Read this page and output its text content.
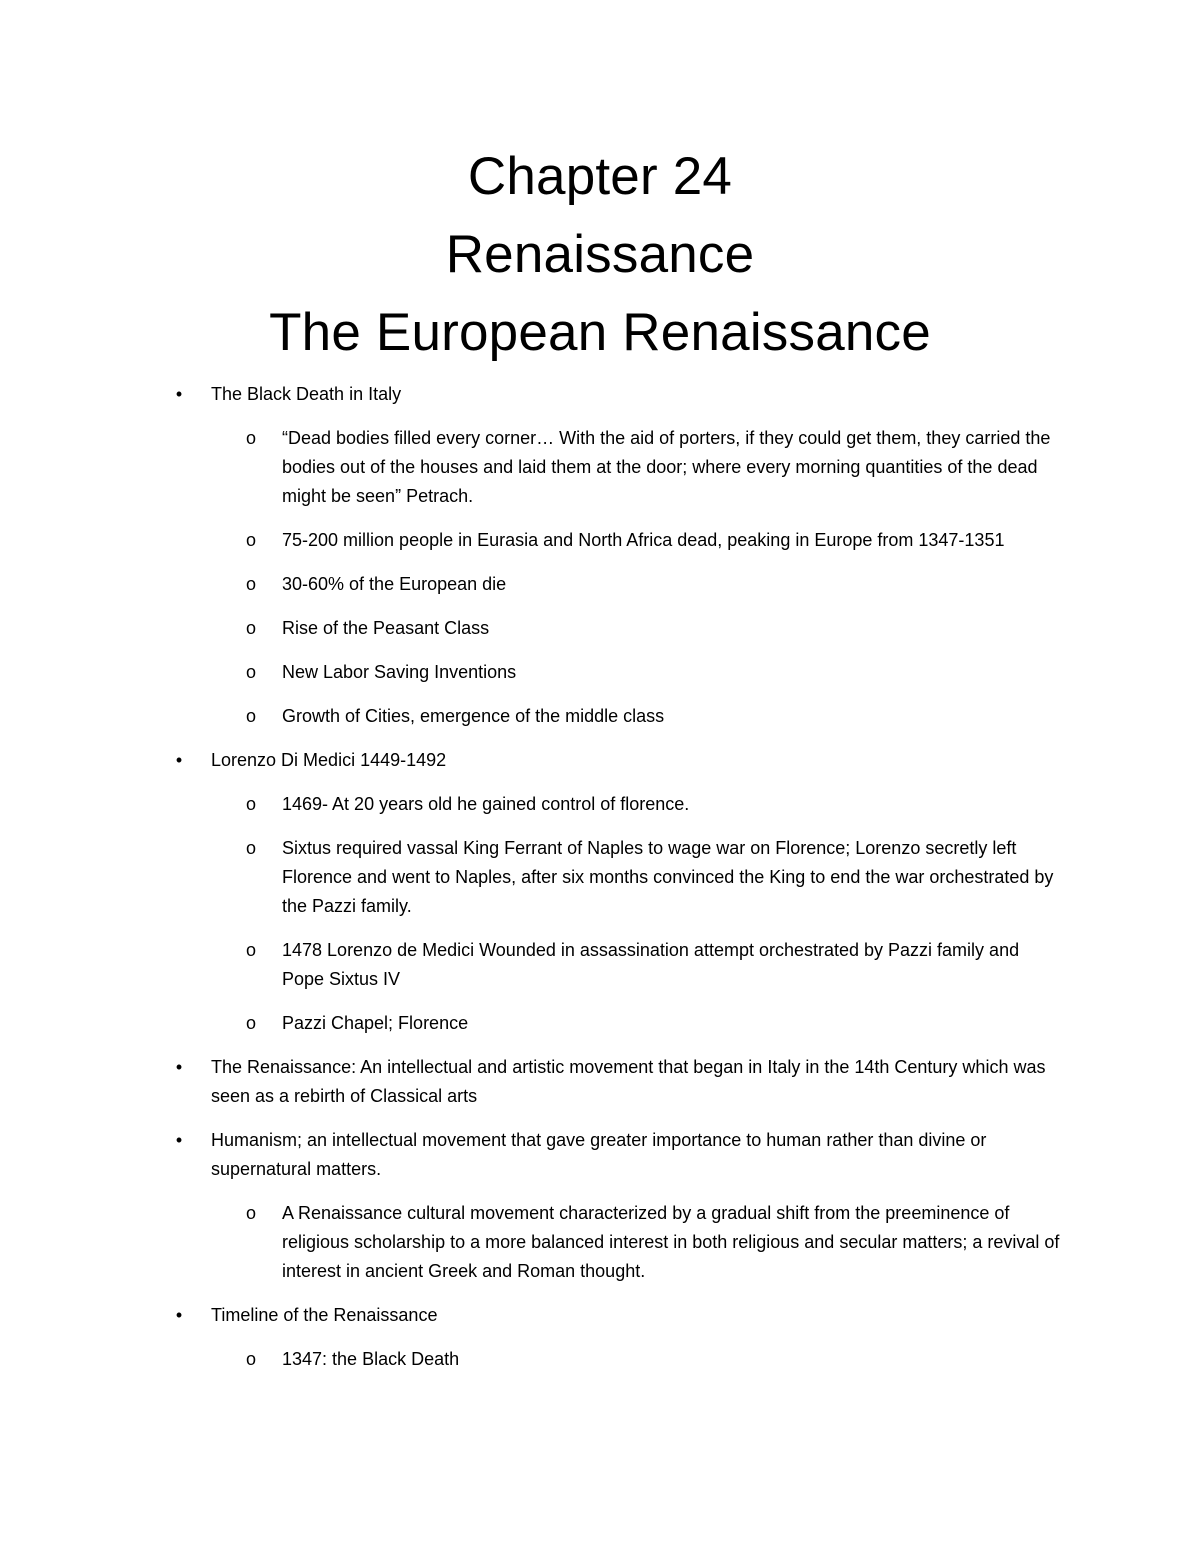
Chapter 24
Renaissance
The European Renaissance
• The Black Death in Italy
o “Dead bodies filled every corner… With the aid of porters, if they could get them, they carried the bodies out of the houses and laid them at the door; where every morning quantities of the dead might be seen” Petrach.
o 75-200 million people in Eurasia and North Africa dead, peaking in Europe from 1347-1351
o 30-60% of the European die
o Rise of the Peasant Class
o New Labor Saving Inventions
o Growth of Cities, emergence of the middle class
• Lorenzo Di Medici 1449-1492
o 1469- At 20 years old he gained control of florence.
o Sixtus required vassal King Ferrant of Naples to wage war on Florence; Lorenzo secretly left Florence and went to Naples, after six months convinced the King to end the war orchestrated by the Pazzi family.
o 1478 Lorenzo de Medici Wounded in assassination attempt orchestrated by Pazzi family and Pope Sixtus IV
o Pazzi Chapel; Florence
• The Renaissance: An intellectual and artistic movement that began in Italy in the 14th Century which was seen as a rebirth of Classical arts
• Humanism; an intellectual movement that gave greater importance to human rather than divine or supernatural matters.
o A Renaissance cultural movement characterized by a gradual shift from the preeminence of religious scholarship to a more balanced interest in both religious and secular matters; a revival of interest in ancient Greek and Roman thought.
• Timeline of the Renaissance
o 1347: the Black Death
